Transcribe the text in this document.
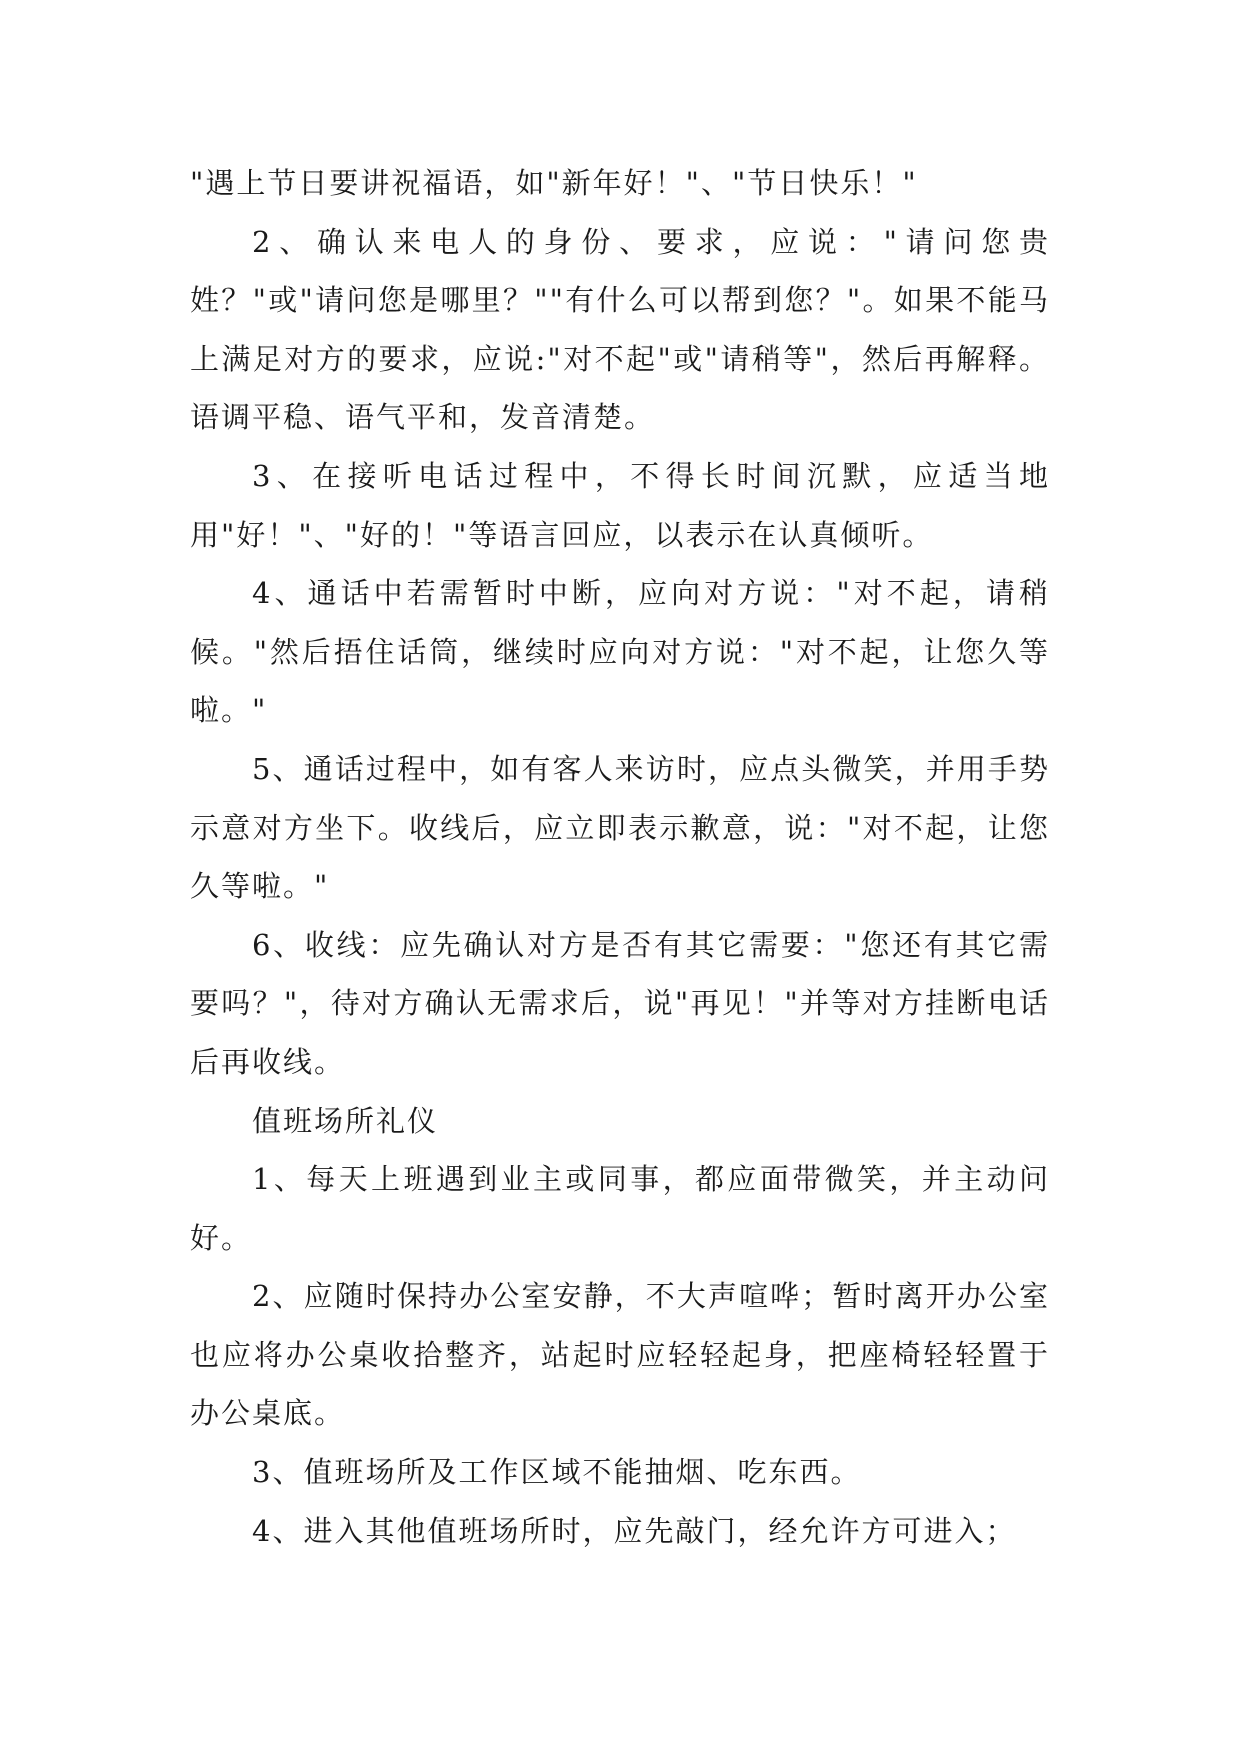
"遇上节日要讲祝福语，如"新年好！"、"节日快乐！"

2、确认来电人的身份、要求，应说："请问您贵姓？"或"请问您是哪里？""有什么可以帮到您？"。如果不能马上满足对方的要求，应说:"对不起"或"请稍等"，然后再解释。语调平稳、语气平和，发音清楚。

3、在接听电话过程中，不得长时间沉默，应适当地用"好！"、"好的！"等语言回应，以表示在认真倾听。

4、通话中若需暂时中断，应向对方说："对不起，请稍候。"然后捂住话筒，继续时应向对方说："对不起，让您久等啦。"

5、通话过程中，如有客人来访时，应点头微笑，并用手势示意对方坐下。收线后，应立即表示歉意，说："对不起，让您久等啦。"

6、收线：应先确认对方是否有其它需要："您还有其它需要吗？"，待对方确认无需求后，说"再见！"并等对方挂断电话后再收线。

值班场所礼仪

1、每天上班遇到业主或同事，都应面带微笑，并主动问好。

2、应随时保持办公室安静，不大声喧哗；暂时离开办公室也应将办公桌收拾整齐，站起时应轻轻起身，把座椅轻轻置于办公桌底。

3、值班场所及工作区域不能抽烟、吃东西。

4、进入其他值班场所时，应先敲门，经允许方可进入；
